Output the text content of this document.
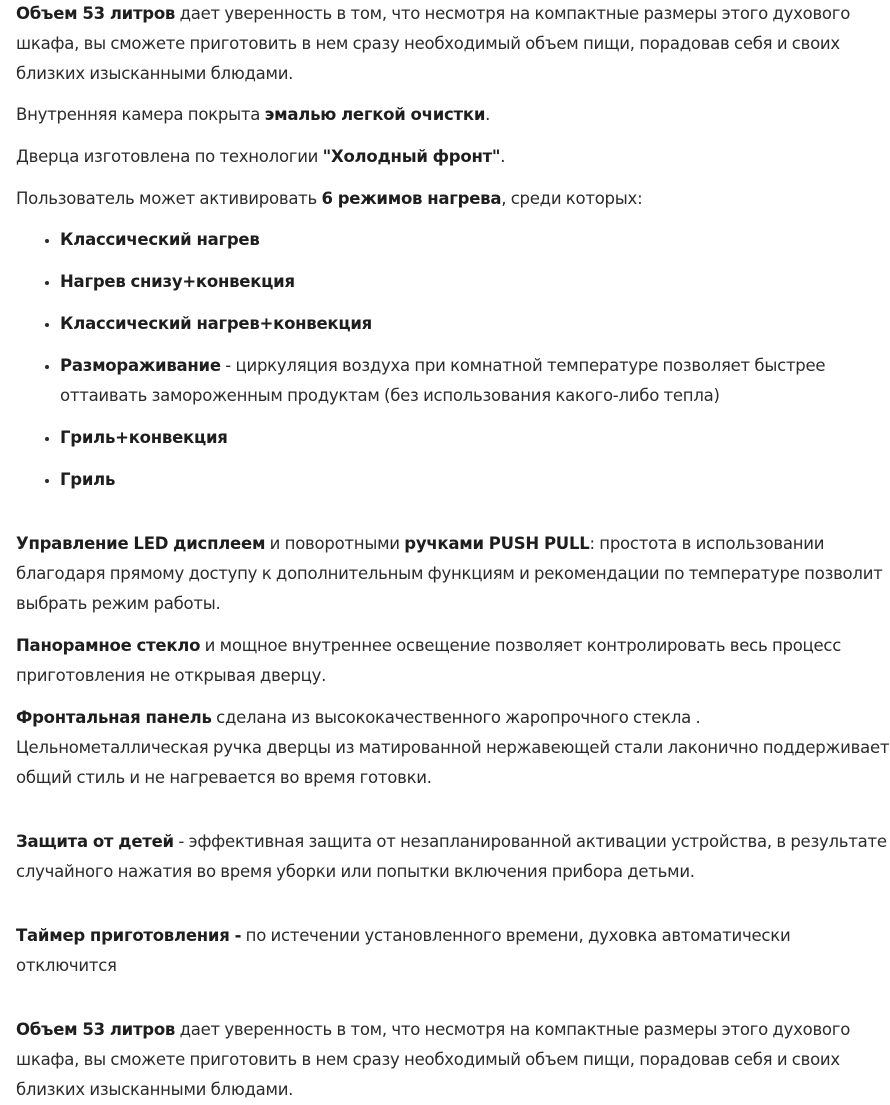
Объем 53 литров дает уверенность в том, что несмотря на компактные размеры этого духового шкафа, вы сможете приготовить в нем сразу необходимый объем пищи, порадовав себя и своих близких изысканными блюдами.

Внутренняя камера покрыта эмалью легкой очистки.

Дверца изготовлена по технологии "Холодный фронт".

Пользователь может активировать 6 режимов нагрева, среди которых:

• Классический нагрев
• Нагрев снизу+конвекция
• Классический нагрев+конвекция
• Размораживание - циркуляция воздуха при комнатной температуре позволяет быстрее оттаивать замороженным продуктам (без использования какого-либо тепла)
• Гриль+конвекция
• Гриль

Управление LED дисплеем и поворотными ручками PUSH PULL: простота в использовании благодаря прямому доступу к дополнительным функциям и рекомендации по температуре позволит выбрать режим работы.

Панорамное стекло и мощное внутреннее освещение позволяет контролировать весь процесс приготовления не открывая дверцу.

Фронтальная панель сделана из высококачественного жаропрочного стекла . Цельнометаллическая ручка дверцы из матированной нержавеющей стали лаконично поддерживает общий стиль и не нагревается во время готовки.

Защита от детей - эффективная защита от незапланированной активации устройства, в результате случайного нажатия во время уборки или попытки включения прибора детьми.

Таймер приготовления - по истечении установленного времени, духовка автоматически отключится

Объем 53 литров дает уверенность в том, что несмотря на компактные размеры этого духового шкафа, вы сможете приготовить в нем сразу необходимый объем пищи, порадовав себя и своих близких изысканными блюдами.
